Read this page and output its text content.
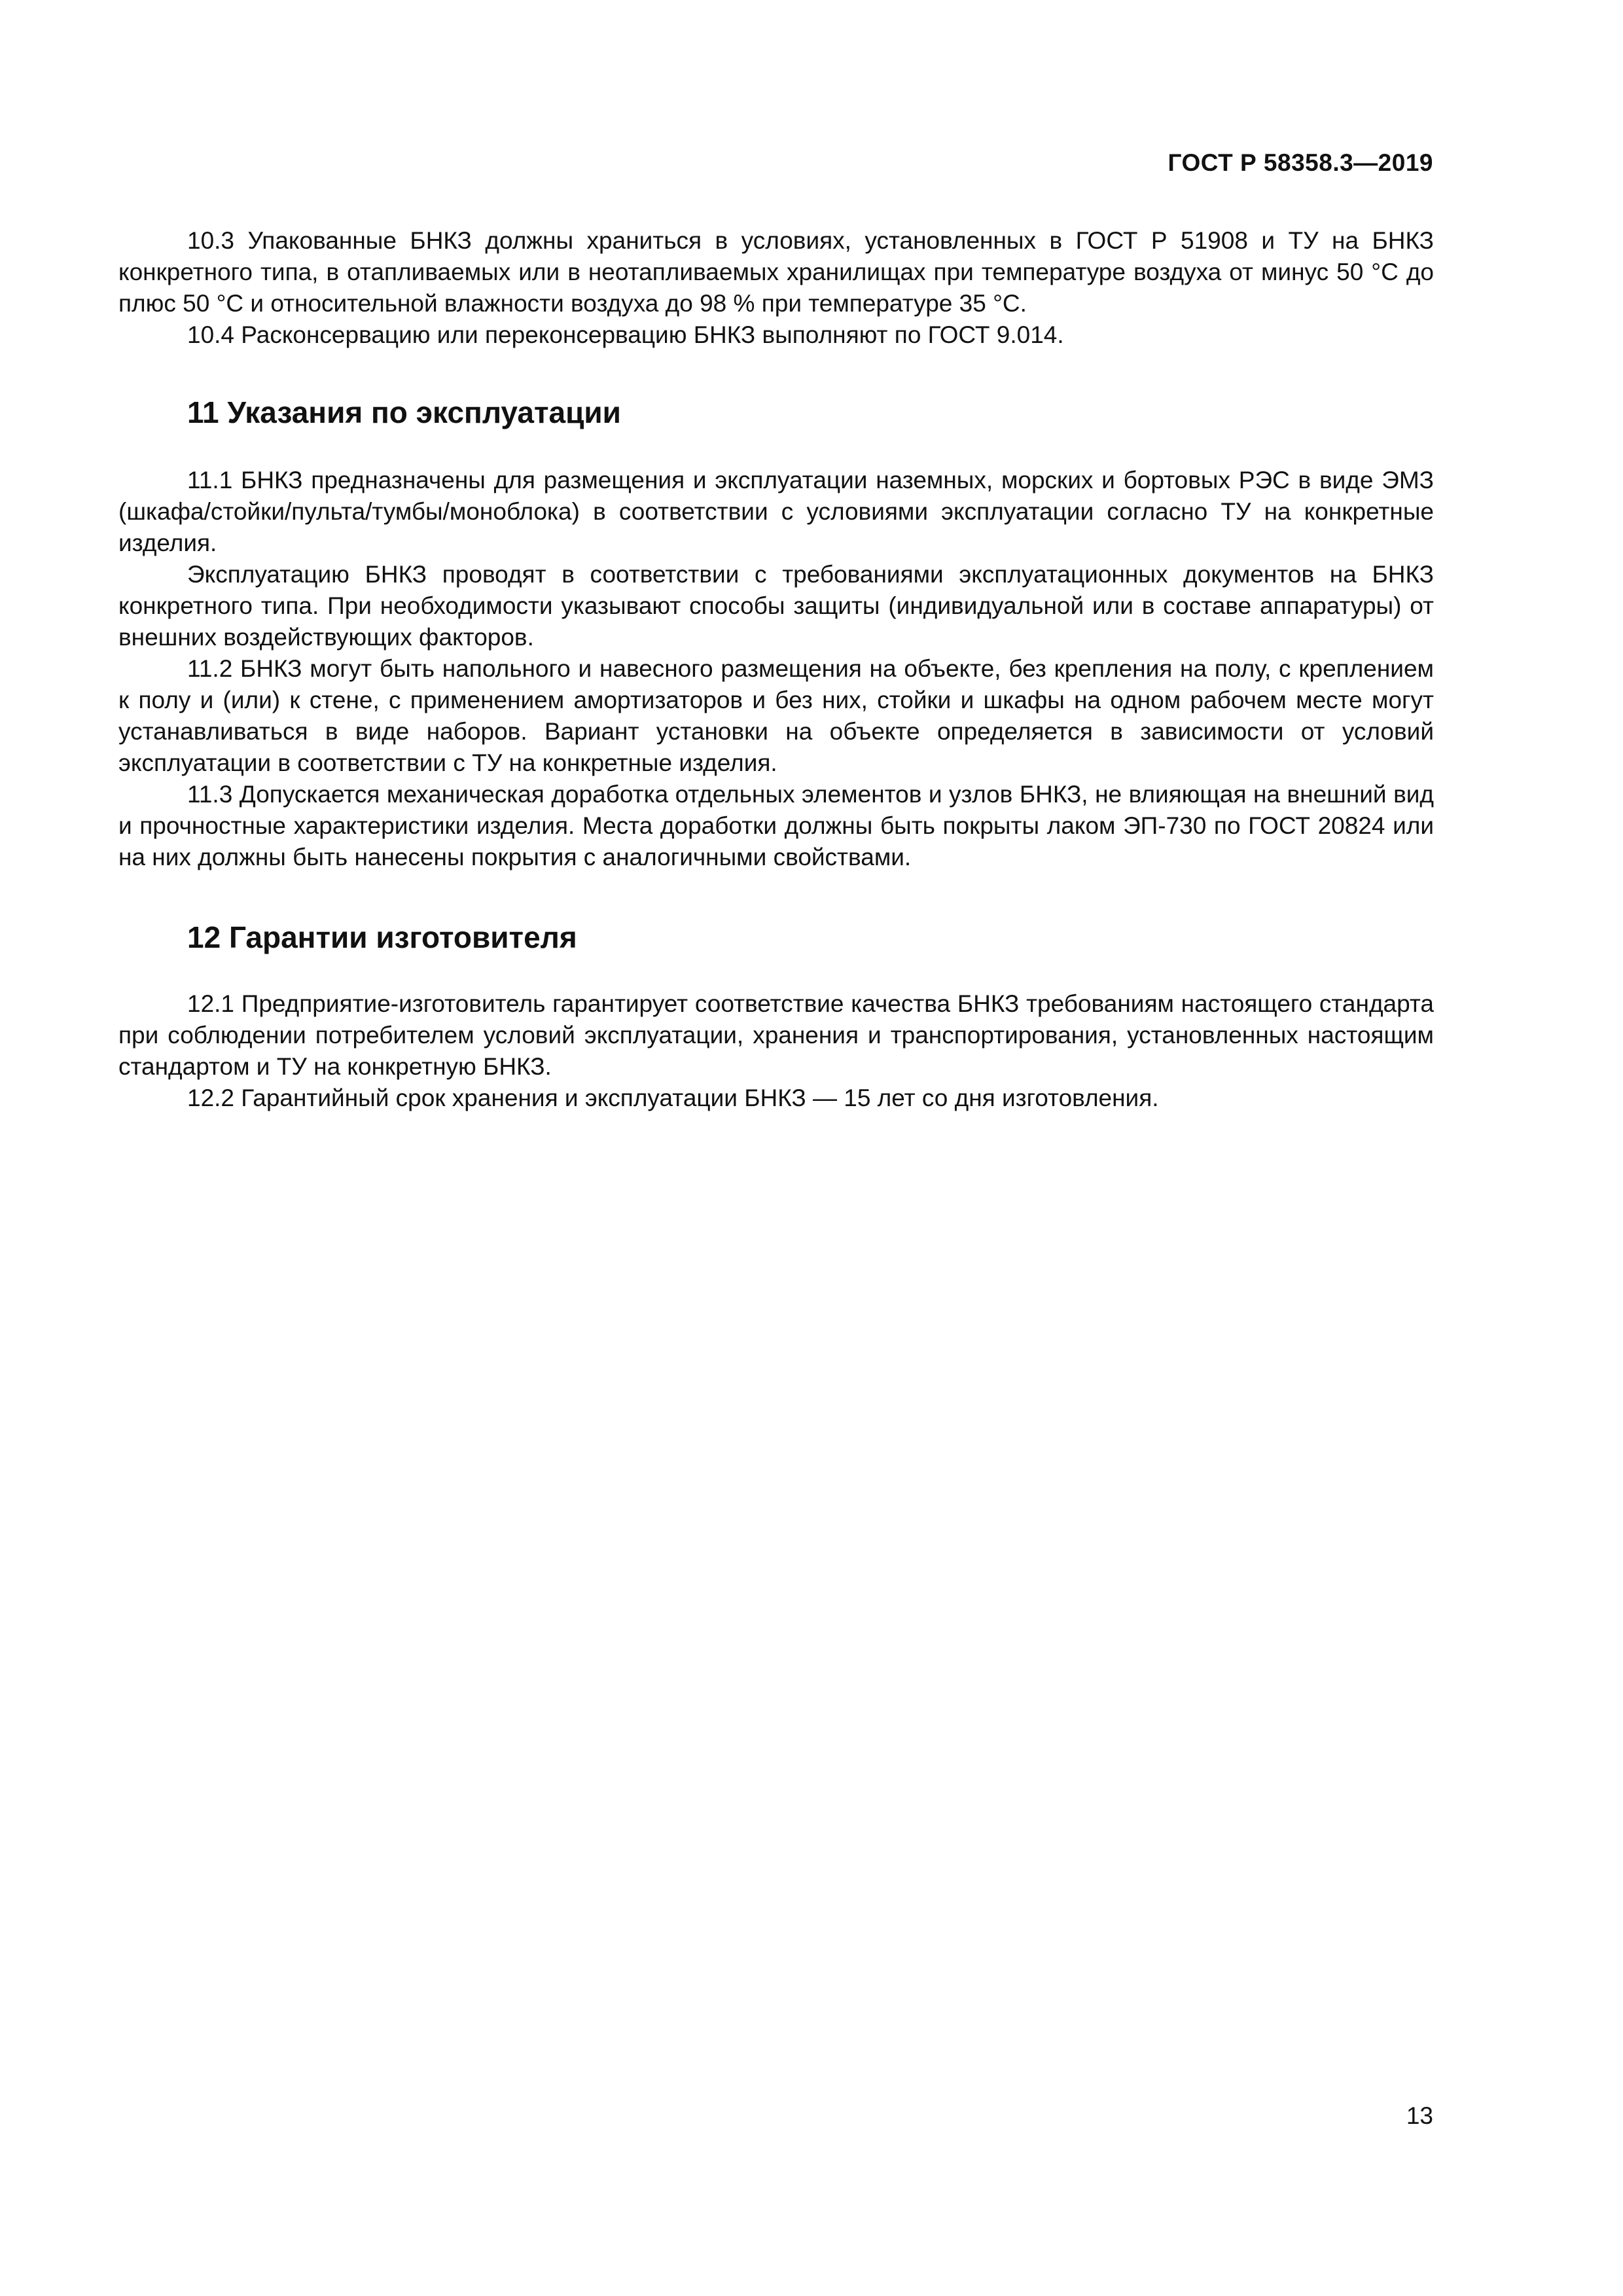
ГОСТ Р 58358.3—2019

10.3 Упакованные БНКЗ должны храниться в условиях, установленных в ГОСТ Р 51908 и ТУ на БНКЗ конкретного типа, в отапливаемых или в неотапливаемых хранилищах при температуре воздуха от минус 50 °С до плюс 50 °С и относительной влажности воздуха до 98 % при температуре 35 °С.

10.4 Расконсервацию или переконсервацию БНКЗ выполняют по ГОСТ 9.014.

11 Указания по эксплуатации

11.1 БНКЗ предназначены для размещения и эксплуатации наземных, морских и бортовых РЭС в виде ЭМЗ (шкафа/стойки/пульта/тумбы/моноблока) в соответствии с условиями эксплуатации согласно ТУ на конкретные изделия.

Эксплуатацию БНКЗ проводят в соответствии с требованиями эксплуатационных документов на БНКЗ конкретного типа. При необходимости указывают способы защиты (индивидуальной или в составе аппаратуры) от внешних воздействующих факторов.

11.2 БНКЗ могут быть напольного и навесного размещения на объекте, без крепления на полу, с креплением к полу и (или) к стене, с применением амортизаторов и без них, стойки и шкафы на одном рабочем месте могут устанавливаться в виде наборов. Вариант установки на объекте определяется в зависимости от условий эксплуатации в соответствии с ТУ на конкретные изделия.

11.3 Допускается механическая доработка отдельных элементов и узлов БНКЗ, не влияющая на внешний вид и прочностные характеристики изделия. Места доработки должны быть покрыты лаком ЭП-730 по ГОСТ 20824 или на них должны быть нанесены покрытия с аналогичными свойствами.

12 Гарантии изготовителя

12.1 Предприятие-изготовитель гарантирует соответствие качества БНКЗ требованиям настоящего стандарта при соблюдении потребителем условий эксплуатации, хранения и транспортирования, установленных настоящим стандартом и ТУ на конкретную БНКЗ.

12.2 Гарантийный срок хранения и эксплуатации БНКЗ — 15 лет со дня изготовления.

13
